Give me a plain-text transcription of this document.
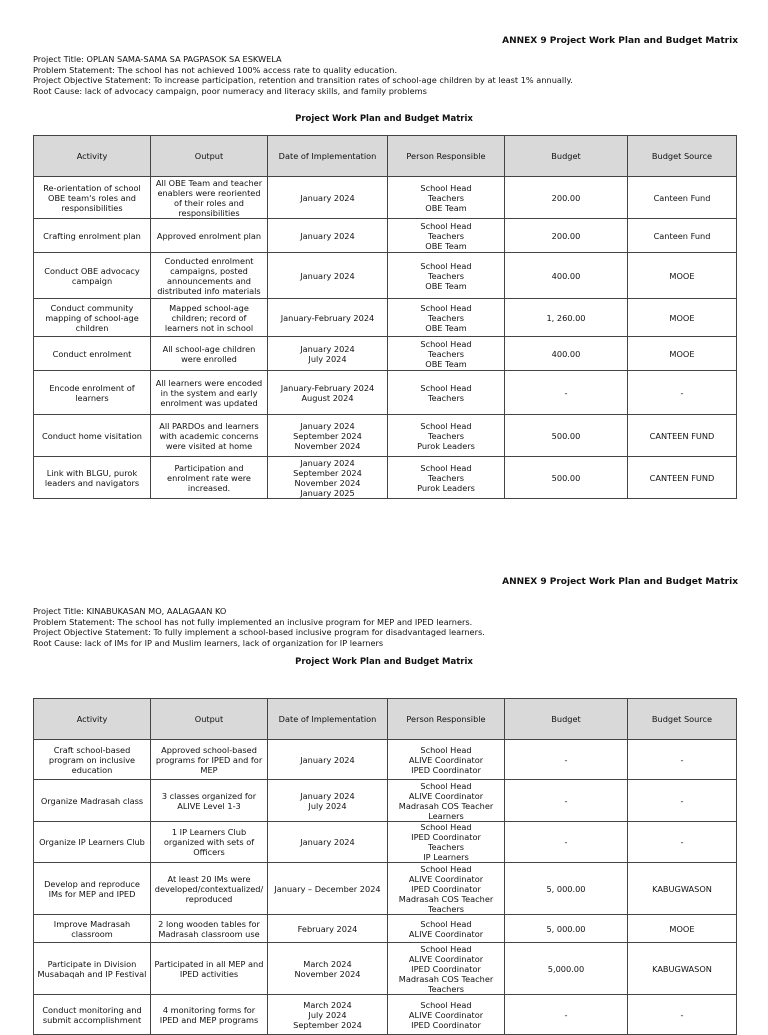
ANNEX 9 Project Work Plan and Budget Matrix
Project Title: OPLAN SAMA-SAMA SA PAGPASOK SA ESKWELA
Problem Statement: The school has not achieved 100% access rate to quality education.
Project Objective Statement: To increase participation, retention and transition rates of school-age children by at least 1% annually.
Root Cause: lack of advocacy campaign, poor numeracy and literacy skills, and family problems
Project Work Plan and Budget Matrix
Activity	Output	Date of Implementation	Person Responsible	Budget	Budget Source
Re-orientation of school OBE team's roles and responsibilities	All OBE Team and teacher enablers were reoriented of their roles and responsibilities	January 2024	School Head
Teachers
OBE Team	200.00	Canteen Fund
Crafting enrolment plan	Approved enrolment plan	January 2024	School Head
Teachers
OBE Team	200.00	Canteen Fund
Conduct OBE advocacy campaign	Conducted enrolment campaigns, posted announcements and distributed info materials	January 2024	School Head
Teachers
OBE Team	400.00	MOOE
Conduct community mapping of school-age children	Mapped school-age children; record of learners not in school	January-February 2024	School Head
Teachers
OBE Team	1, 260.00	MOOE
Conduct enrolment	All school-age children were enrolled	January 2024
July 2024	School Head
Teachers
OBE Team	400.00	MOOE
Encode enrolment of learners	All learners were encoded in the system and early enrolment was updated	January-February 2024
August 2024	School Head
Teachers	-	-
Conduct home visitation	All PARDOs and learners with academic concerns were visited at home	January 2024
September 2024
November 2024	School Head
Teachers
Purok Leaders	500.00	CANTEEN FUND
Link with BLGU, purok leaders and navigators	Participation and enrolment rate were increased.	January 2024
September 2024
November 2024
January 2025	School Head
Teachers
Purok Leaders	500.00	CANTEEN FUND
ANNEX 9 Project Work Plan and Budget Matrix
Project Title: KINABUKASAN MO, AALAGAAN KO
Problem Statement: The school has not fully implemented an inclusive program for MEP and IPED learners.
Project Objective Statement: To fully implement a school-based inclusive program for disadvantaged learners.
Root Cause: lack of IMs for IP and Muslim learners, lack of organization for IP learners
Project Work Plan and Budget Matrix
Activity	Output	Date of Implementation	Person Responsible	Budget	Budget Source
Craft school-based program on inclusive education	Approved school-based programs for IPED and for MEP	January 2024	School Head
ALIVE Coordinator
IPED Coordinator	-	-
Organize Madrasah class	3 classes organized for ALIVE Level 1-3	January 2024
July 2024	School Head
ALIVE Coordinator
Madrasah COS Teacher
Learners	-	-
Organize IP Learners Club	1 IP Learners Club organized with sets of Officers	January 2024	School Head
IPED Coordinator
Teachers
IP Learners	-	-
Develop and reproduce IMs for MEP and IPED	At least 20 IMs were developed/contextualized/ reproduced	January – December 2024	School Head
ALIVE Coordinator
IPED Coordinator
Madrasah COS Teacher
Teachers	5, 000.00	KABUGWASON
Improve Madrasah classroom	2 long wooden tables for Madrasah classroom use	February 2024	School Head
ALIVE Coordinator	5, 000.00	MOOE
Participate in Division Musabaqah and IP Festival	Participated in all MEP and IPED activities	March 2024
November 2024	School Head
ALIVE Coordinator
IPED Coordinator
Madrasah COS Teacher
Teachers	5,000.00	KABUGWASON
Conduct monitoring and submit accomplishment	4 monitoring forms for IPED and MEP programs	March 2024
July 2024
September 2024	School Head
ALIVE Coordinator
IPED Coordinator	-	-
